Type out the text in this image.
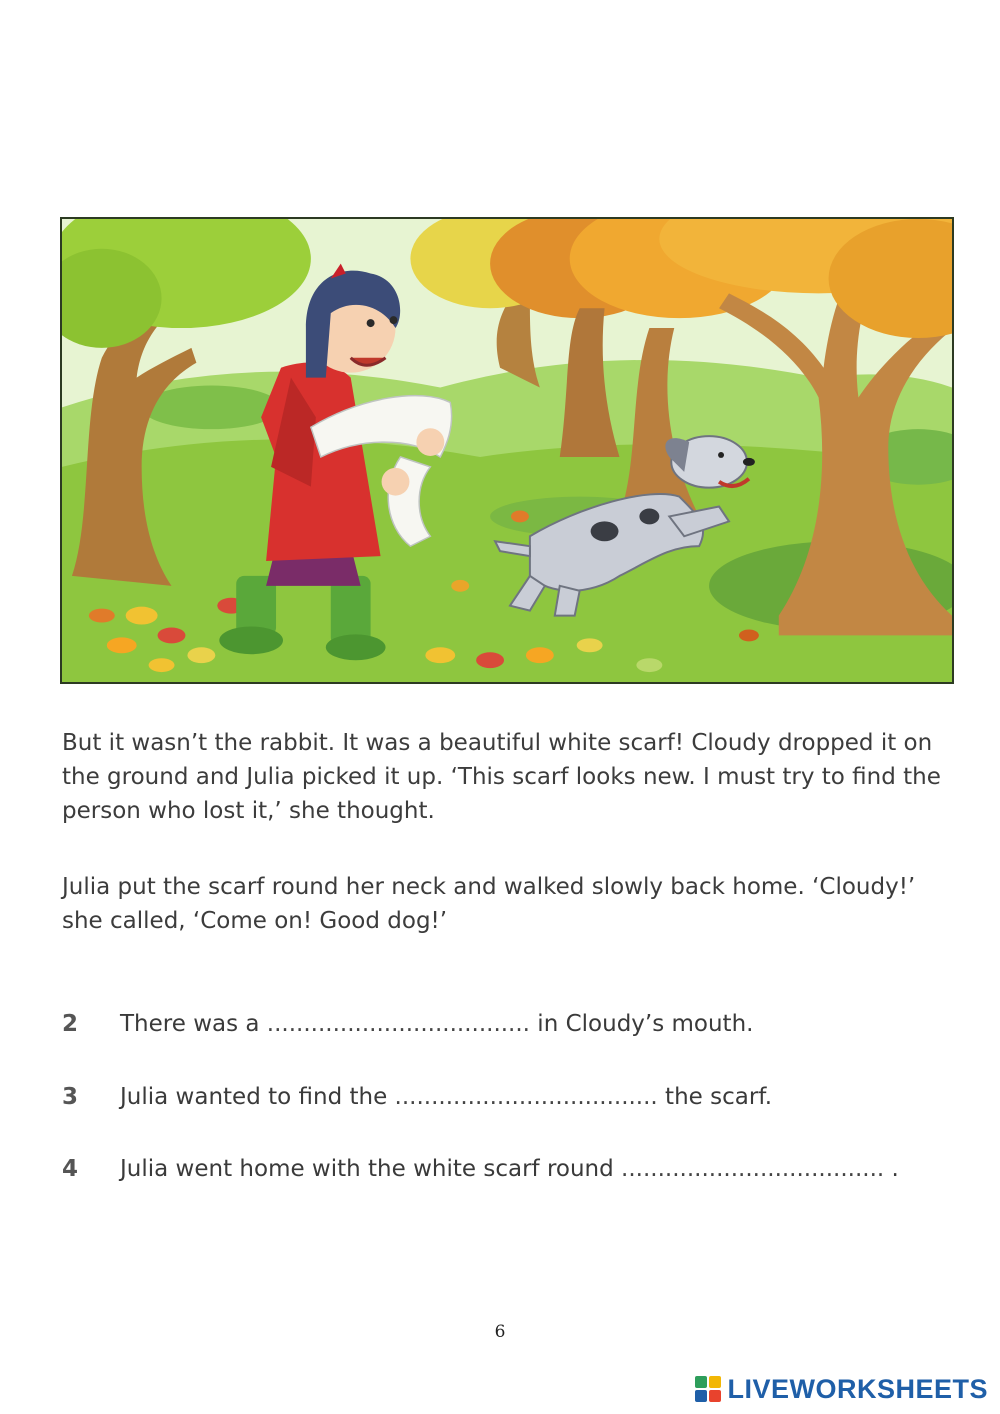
But it wasn’t the rabbit. It was a beautiful white scarf! Cloudy dropped it on the ground and Julia picked it up. ‘This scarf looks new. I must try to find the person who lost it,’ she thought.

Julia put the scarf round her neck and walked slowly back home. ‘Cloudy!’ she called, ‘Come on! Good dog!’

2 There was a .................................... in Cloudy’s mouth.
3 Julia wanted to find the .................................... the scarf.
4 Julia went home with the white scarf round .................................... .
6
LIVEWORKSHEETS
